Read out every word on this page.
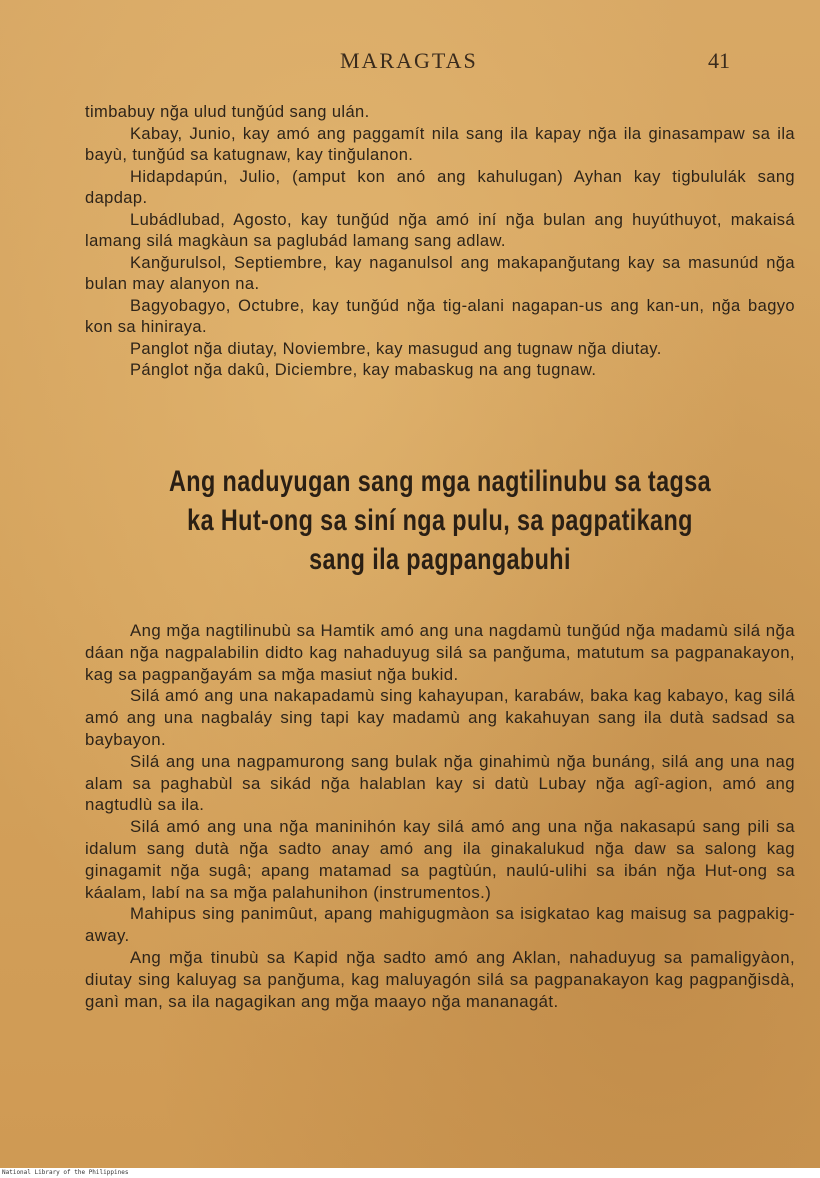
MARAGTAS	41

timbabuy nğa ulud tunğúd sang ulán.

Kabay, Junio, kay amó ang paggamít nila sang ila kapay nğa ila ginasampaw sa ila bayù, tunğúd sa katugnaw, kay tinğulanon.

Hidapdapún, Julio, (amput kon anó ang kahulugan) Ayhan kay tigbululák sang dapdap.

Lubádlubad, Agosto, kay tunğúd nğa amó iní nğa bulan ang huyúthuyot, makaisá lamang silá magkàun sa paglubád lamang sang adlaw.

Kanğurulsol, Septiembre, kay naganulsol ang makapanğutang kay sa masunúd nğa bulan may alanyon na.

Bagyobagyo, Octubre, kay tunğúd nğa tig-alani nagapan-us ang kan-un, nğa bagyo kon sa hiniraya.

Panglot nğa diutay, Noviembre, kay masugud ang tugnaw nğa diutay.

Pánglot nğa dakû, Diciembre, kay mabaskug na ang tugnaw.

Ang naduyugan sang mga nagtilinubu sa tagsa ka Hut-ong sa siní nga pulu, sa pagpatikang sang ila pagpangabuhi

Ang mğa nagtilinubù sa Hamtik amó ang una nagdamù tunğúd nğa madamù silá nğa dáan nğa nagpalabilin didto kag nahaduyug silá sa panğuma, matutum sa pagpanakayon, kag sa pagpanğayám sa mğa masiut nğa bukid.

Silá amó ang una nakapadamù sing kahayupan, karabáw, baka kag kabayo, kag silá amó ang una nagbaláy sing tapi kay madamù ang kakahuyan sang ila dutà sadsad sa baybayon.

Silá ang una nagpamurong sang bulak nğa ginahimù nğa bunáng, silá ang una nag alam sa paghabùl sa sikád nğa halablan kay si datù Lubay nğa agî-agion, amó ang nagtudlù sa ila.

Silá amó ang una nğa maninihón kay silá amó ang una nğa nakasapú sang pili sa idalum sang dutà nğa sadto anay amó ang ila ginakalukud nğa daw sa salong kag ginagamit nğa sugâ; apang matamad sa pagtùún, naulú-ulihi sa ibán nğa Hut-ong sa káalam, labí na sa mğa palahunihon (instrumentos.)

Mahipus sing panimûut, apang mahigugmàon sa isigkatao kag maisug sa pagpakig-away.

Ang mğa tinubù sa Kapid nğa sadto amó ang Aklan, nahaduyug sa pamaligyàon, diutay sing kaluyag sa panğuma, kag maluyagón silá sa pagpanakayon kag pagpanğisdà, ganì man, sa ila nagagikan ang mğa maayo nğa mananagát.

National Library of the Philippines
